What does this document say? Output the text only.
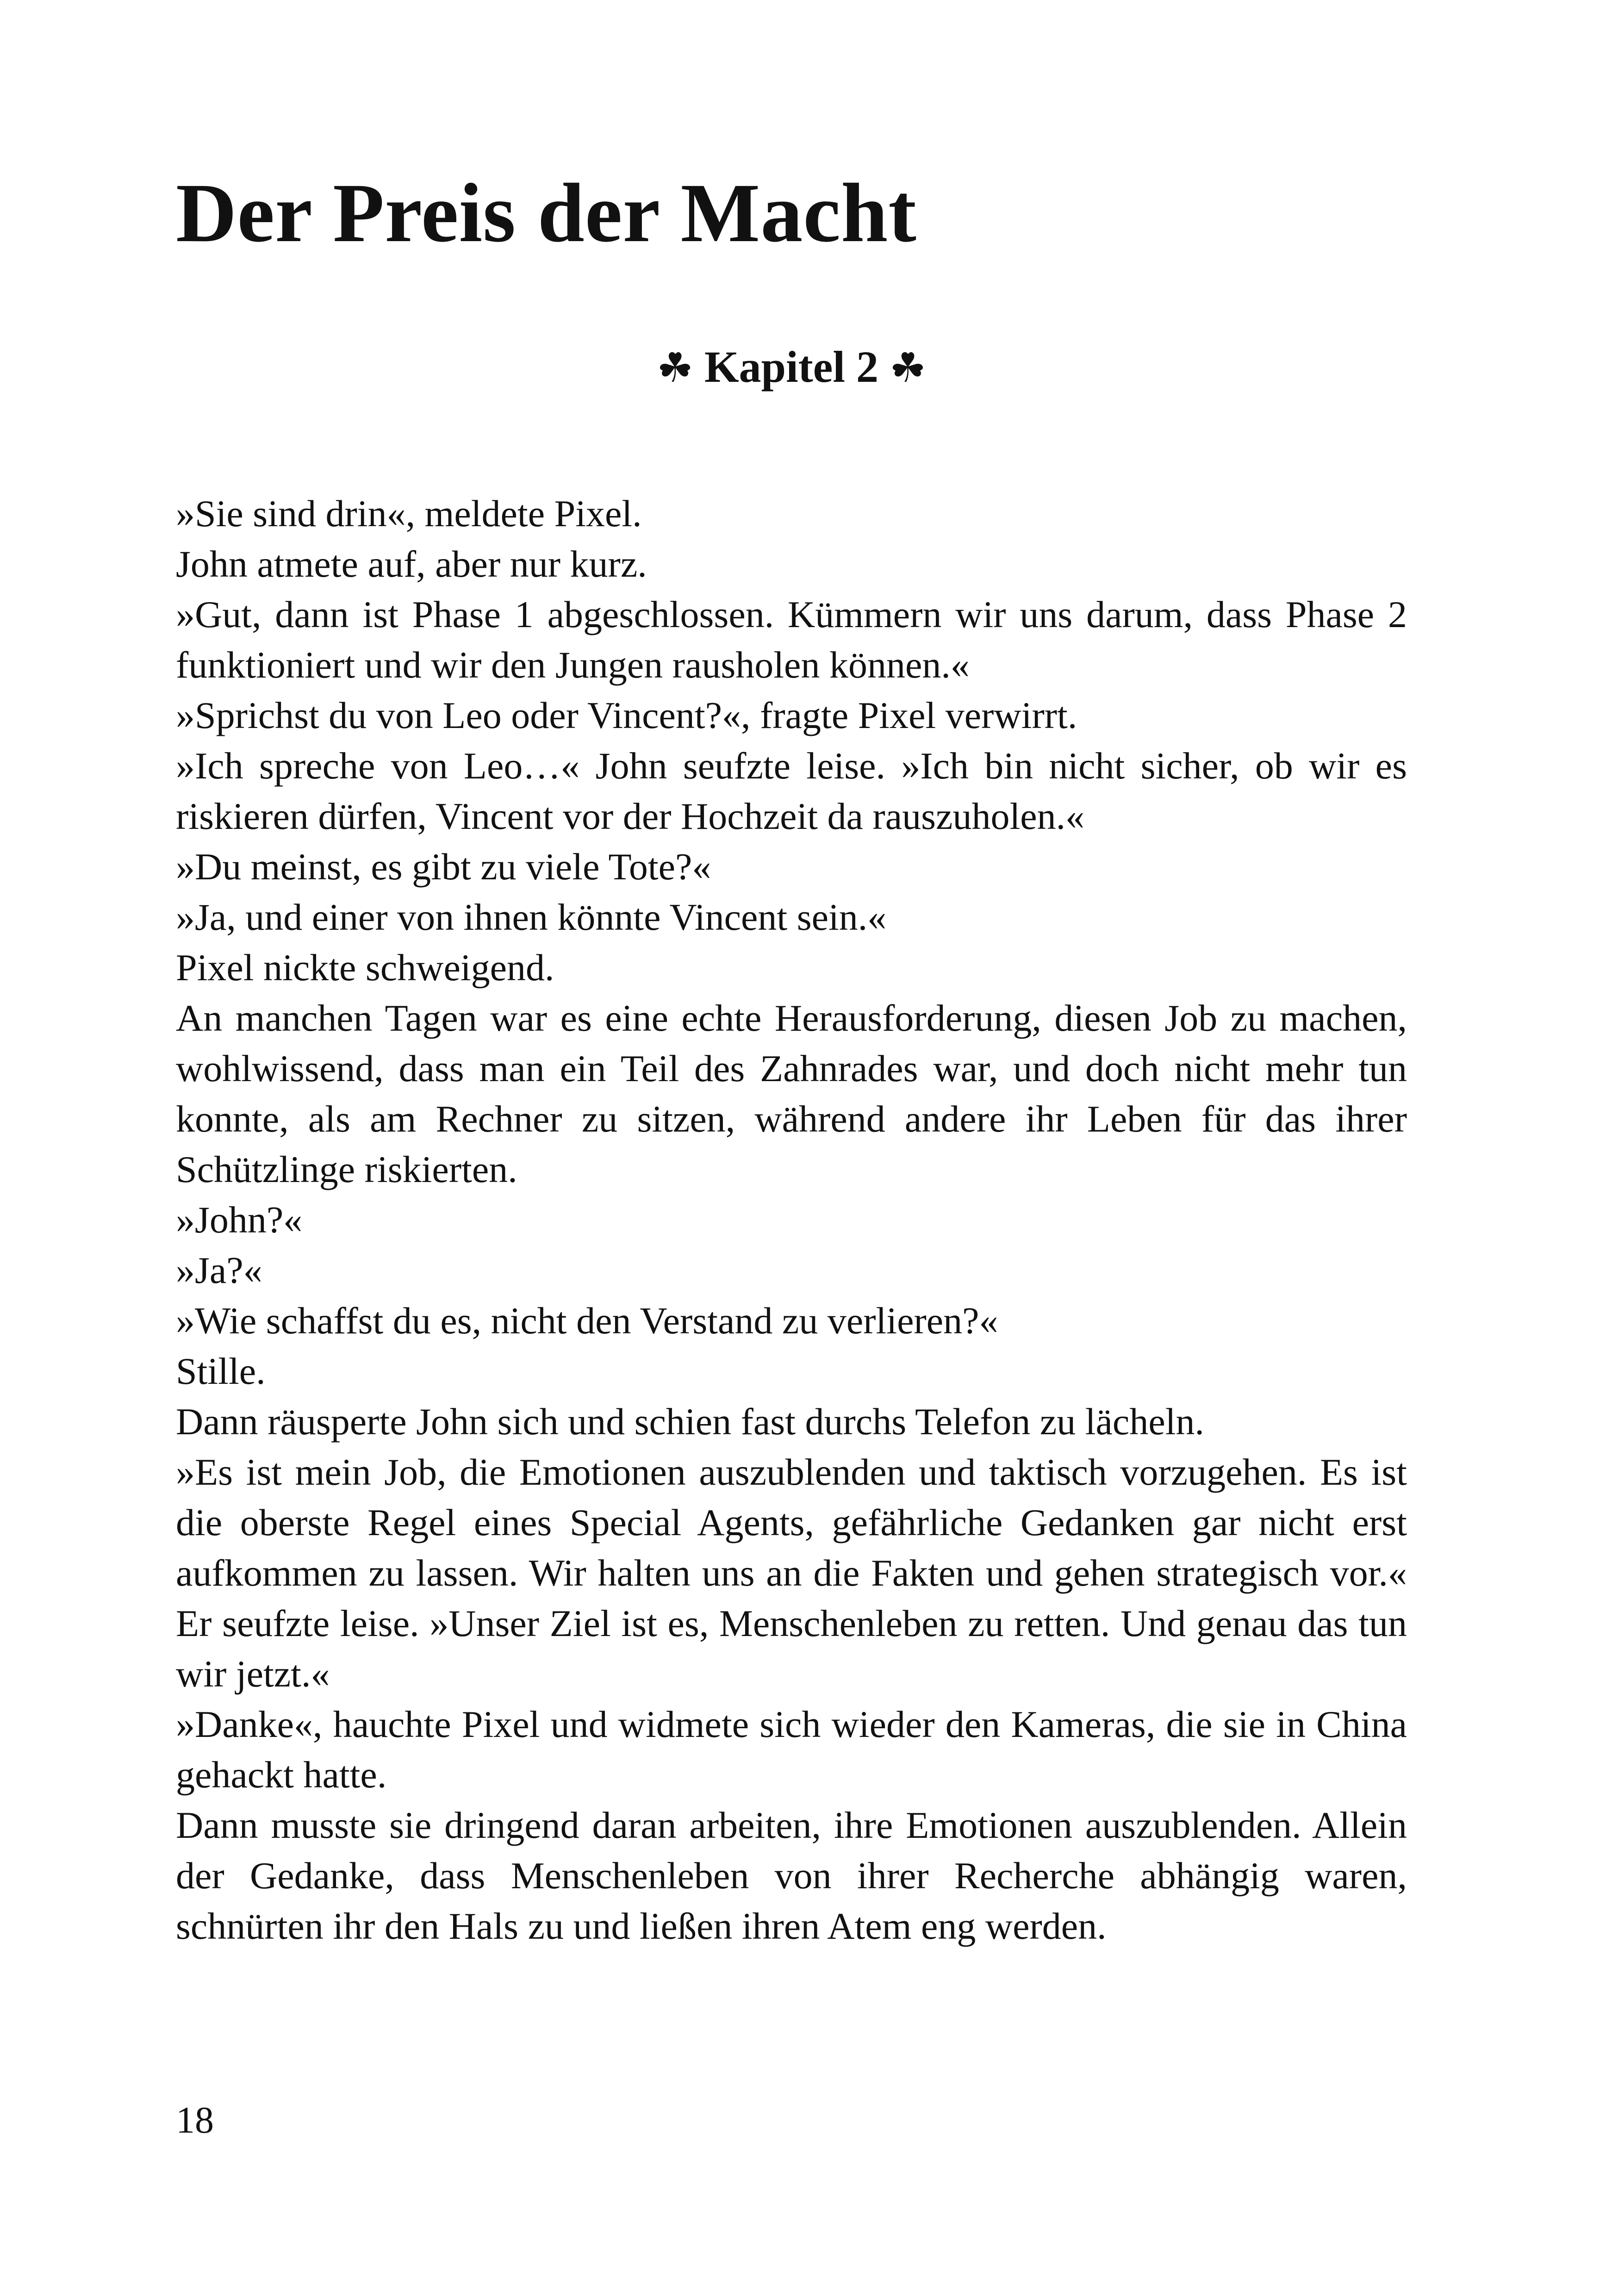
Der Preis der Macht
☘ Kapitel 2 ☘

»Sie sind drin«, meldete Pixel.

John atmete auf, aber nur kurz.

»Gut, dann ist Phase 1 abgeschlossen. Kümmern wir uns darum, dass Phase 2 funktioniert und wir den Jungen rausholen können.«

»Sprichst du von Leo oder Vincent?«, fragte Pixel verwirrt.

»Ich spreche von Leo…« John seufzte leise. »Ich bin nicht sicher, ob wir es riskieren dürfen, Vincent vor der Hochzeit da rauszuholen.«

»Du meinst, es gibt zu viele Tote?«

»Ja, und einer von ihnen könnte Vincent sein.«

Pixel nickte schweigend.

An manchen Tagen war es eine echte Herausforderung, diesen Job zu machen, wohlwissend, dass man ein Teil des Zahnrades war, und doch nicht mehr tun konnte, als am Rechner zu sitzen, während andere ihr Leben für das ihrer Schützlinge riskierten.

»John?«

»Ja?«

»Wie schaffst du es, nicht den Verstand zu verlieren?«

Stille.

Dann räusperte John sich und schien fast durchs Telefon zu lächeln.

»Es ist mein Job, die Emotionen auszublenden und taktisch vorzugehen. Es ist die oberste Regel eines Special Agents, gefährliche Gedanken gar nicht erst aufkommen zu lassen. Wir halten uns an die Fakten und gehen strategisch vor.« Er seufzte leise. »Unser Ziel ist es, Menschenleben zu retten. Und genau das tun wir jetzt.«

»Danke«, hauchte Pixel und widmete sich wieder den Kameras, die sie in China gehackt hatte.

Dann musste sie dringend daran arbeiten, ihre Emotionen auszublenden. Allein der Gedanke, dass Menschenleben von ihrer Recherche abhängig waren, schnürten ihr den Hals zu und ließen ihren Atem eng werden.

18
